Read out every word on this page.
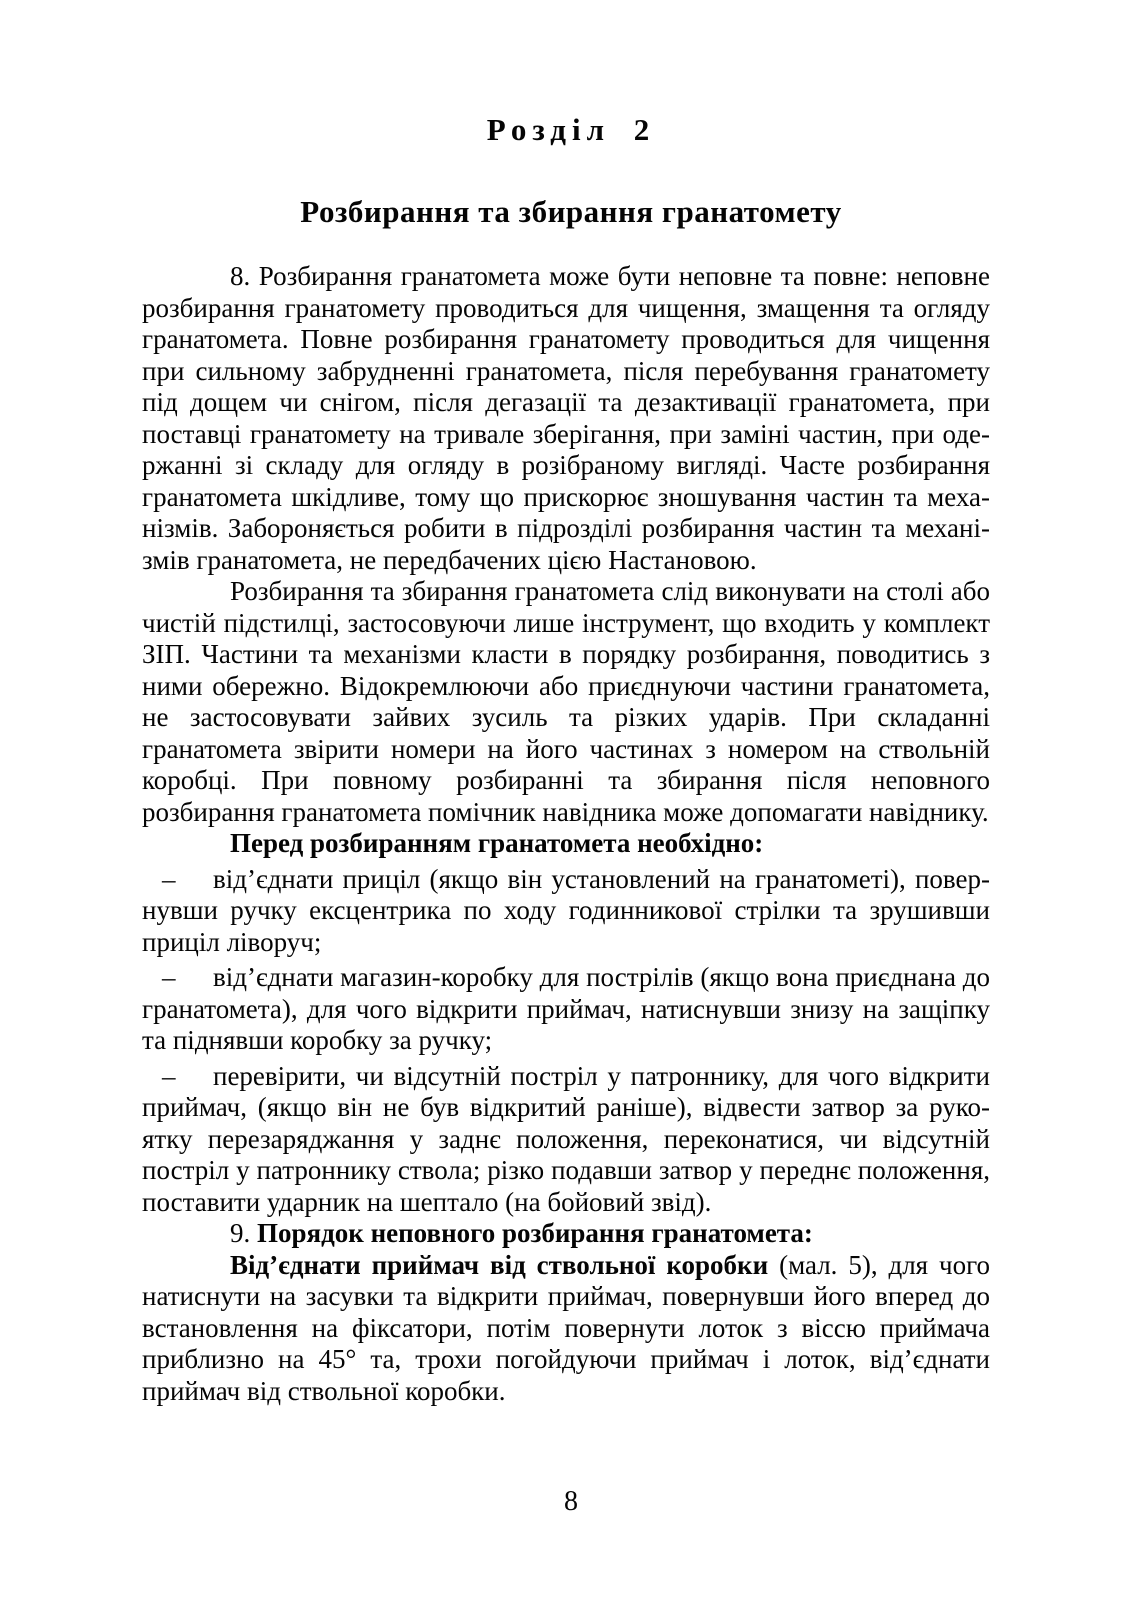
Розділ 2
Розбирання та збирання гранатомету

8. Розбирання гранатомета може бути неповне та повне: неповне розбирання гранатомету проводиться для чищення, змащення та огляду гранатомета. Повне розбирання гранатомету проводиться для чищення при сильному забрудненні гранатомета, після перебування гранатомету під дощем чи снігом, після дегазації та дезактивації гранатомета, при поставці гранатомету на тривале зберігання, при заміні частин, при одержанні зі складу для огляду в розібраному вигляді. Часте розбирання гранатомета шкідливе, тому що прискорює зношування частин та механізмів. Забороняється робити в підрозділі розбирання частин та механізмів гранатомета, не передбачених цією Настановою.

Розбирання та збирання гранатомета слід виконувати на столі або чистій підстилці, застосовуючи лише інструмент, що входить у комплект ЗІП. Частини та механізми класти в порядку розбирання, поводитись з ними обережно. Відокремлюючи або приєднуючи частини гранатомета, не застосовувати зайвих зусиль та різких ударів. При складанні гранатомета звірити номери на його частинах з номером на ствольній коробці. При повному розбиранні та збирання після неповного розбирання гранатомета помічник навідника може допомагати навіднику.

Перед розбиранням гранатомета необхідно:

– від’єднати приціл (якщо він установлений на гранатометі), повернувши ручку ексцентрика по ходу годинникової стрілки та зрушивши приціл ліворуч;

– від’єднати магазин-коробку для пострілів (якщо вона приєднана до гранатомета), для чого відкрити приймач, натиснувши знизу на защіпку та піднявши коробку за ручку;

– перевірити, чи відсутній постріл у патроннику, для чого відкрити приймач, (якщо він не був відкритий раніше), відвести затвор за рукоятку перезаряджання у заднє положення, переконатися, чи відсутній постріл у патроннику ствола; різко подавши затвор у переднє положення, поставити ударник на шептало (на бойовий звід).

9. Порядок неповного розбирання гранатомета:

Від’єднати приймач від ствольної коробки (мал. 5), для чого натиснути на засувки та відкрити приймач, повернувши його вперед до встановлення на фіксатори, потім повернути лоток з віссю приймача приблизно на 45° та, трохи погойдуючи приймач і лоток, від’єднати приймач від ствольної коробки.

8
